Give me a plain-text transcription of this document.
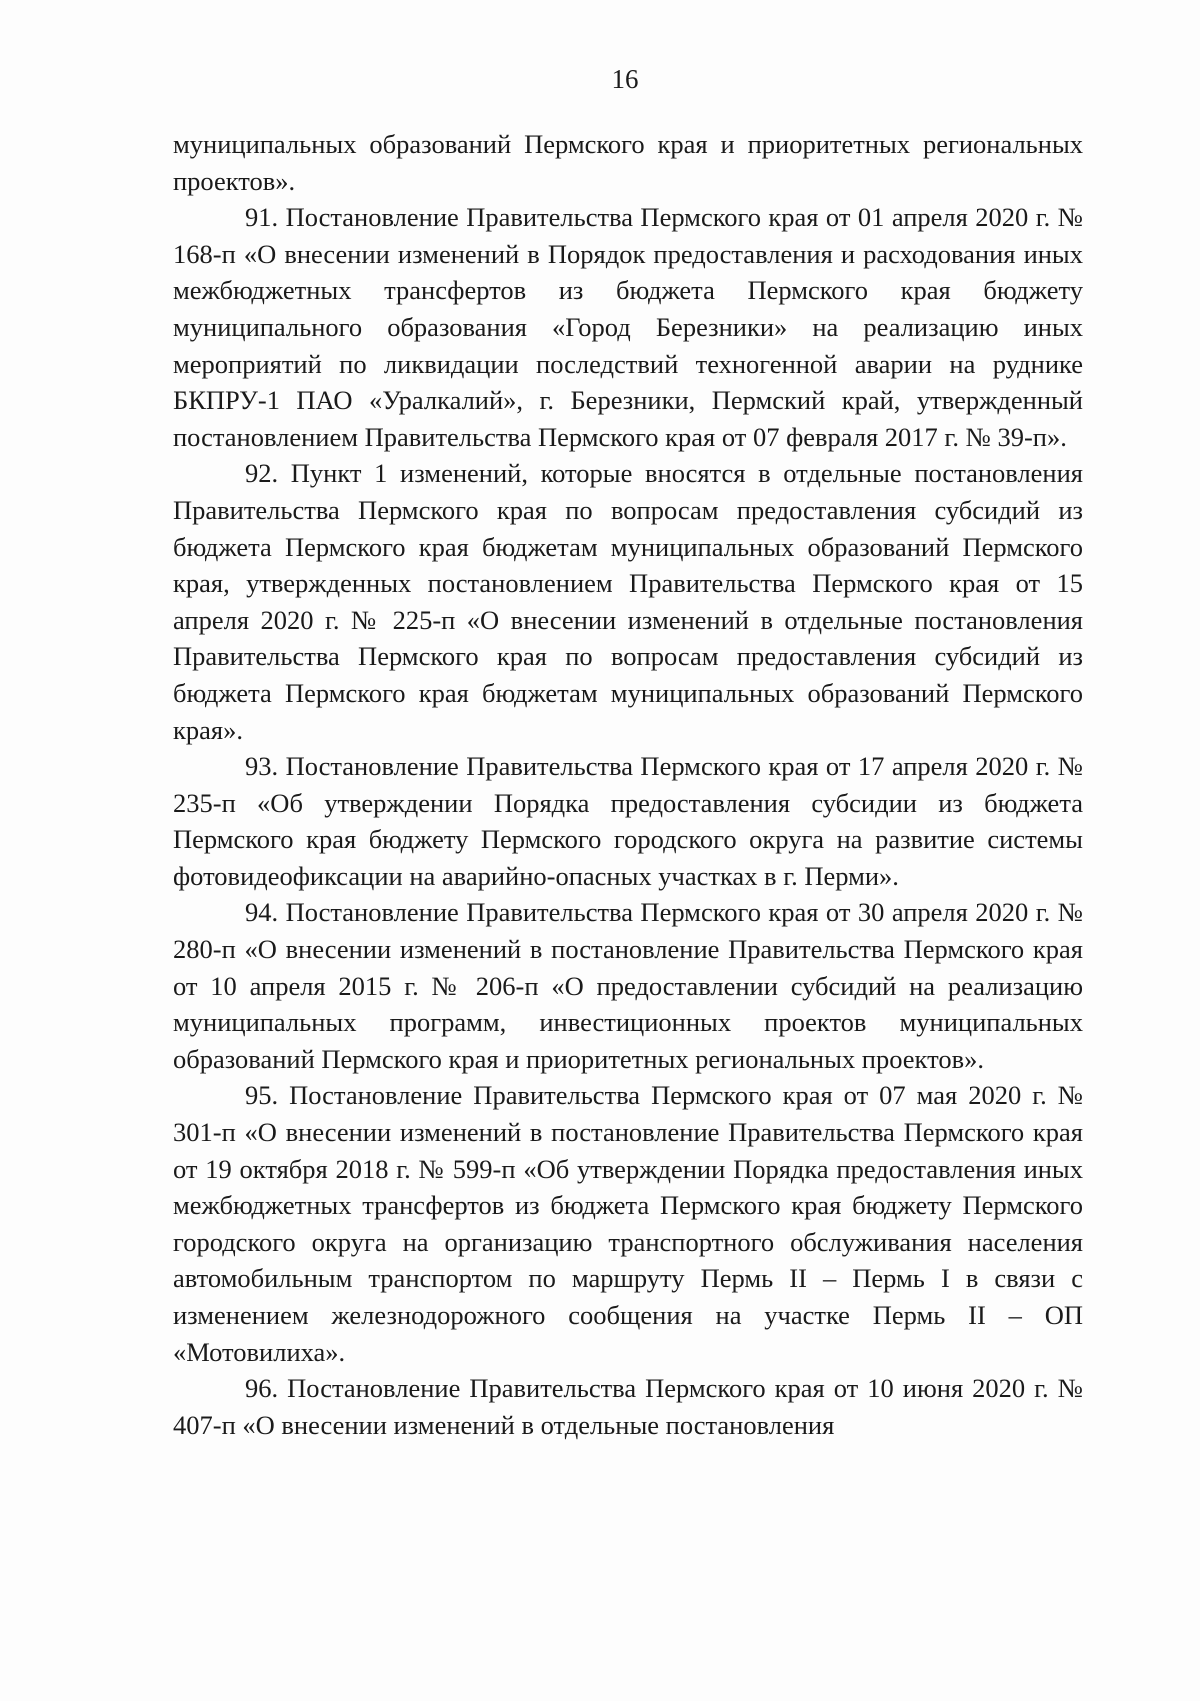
16

муниципальных образований Пермского края и приоритетных региональных проектов».

91. Постановление Правительства Пермского края от 01 апреля 2020 г. № 168-п «О внесении изменений в Порядок предоставления и расходования иных межбюджетных трансфертов из бюджета Пермского края бюджету муниципального образования «Город Березники» на реализацию иных мероприятий по ликвидации последствий техногенной аварии на руднике БКПРУ-1 ПАО «Уралкалий», г. Березники, Пермский край, утвержденный постановлением Правительства Пермского края от 07 февраля 2017 г. № 39-п».

92. Пункт 1 изменений, которые вносятся в отдельные постановления Правительства Пермского края по вопросам предоставления субсидий из бюджета Пермского края бюджетам муниципальных образований Пермского края, утвержденных постановлением Правительства Пермского края от 15 апреля 2020 г. № 225-п «О внесении изменений в отдельные постановления Правительства Пермского края по вопросам предоставления субсидий из бюджета Пермского края бюджетам муниципальных образований Пермского края».

93. Постановление Правительства Пермского края от 17 апреля 2020 г. № 235-п «Об утверждении Порядка предоставления субсидии из бюджета Пермского края бюджету Пермского городского округа на развитие системы фотовидеофиксации на аварийно-опасных участках в г. Перми».

94. Постановление Правительства Пермского края от 30 апреля 2020 г. № 280-п «О внесении изменений в постановление Правительства Пермского края от 10 апреля 2015 г. № 206-п «О предоставлении субсидий на реализацию муниципальных программ, инвестиционных проектов муниципальных образований Пермского края и приоритетных региональных проектов».

95. Постановление Правительства Пермского края от 07 мая 2020 г. № 301-п «О внесении изменений в постановление Правительства Пермского края от 19 октября 2018 г. № 599-п «Об утверждении Порядка предоставления иных межбюджетных трансфертов из бюджета Пермского края бюджету Пермского городского округа на организацию транспортного обслуживания населения автомобильным транспортом по маршруту Пермь II – Пермь I в связи с изменением железнодорожного сообщения на участке Пермь II – ОП «Мотовилиха».

96. Постановление Правительства Пермского края от 10 июня 2020 г. № 407-п «О внесении изменений в отдельные постановления
